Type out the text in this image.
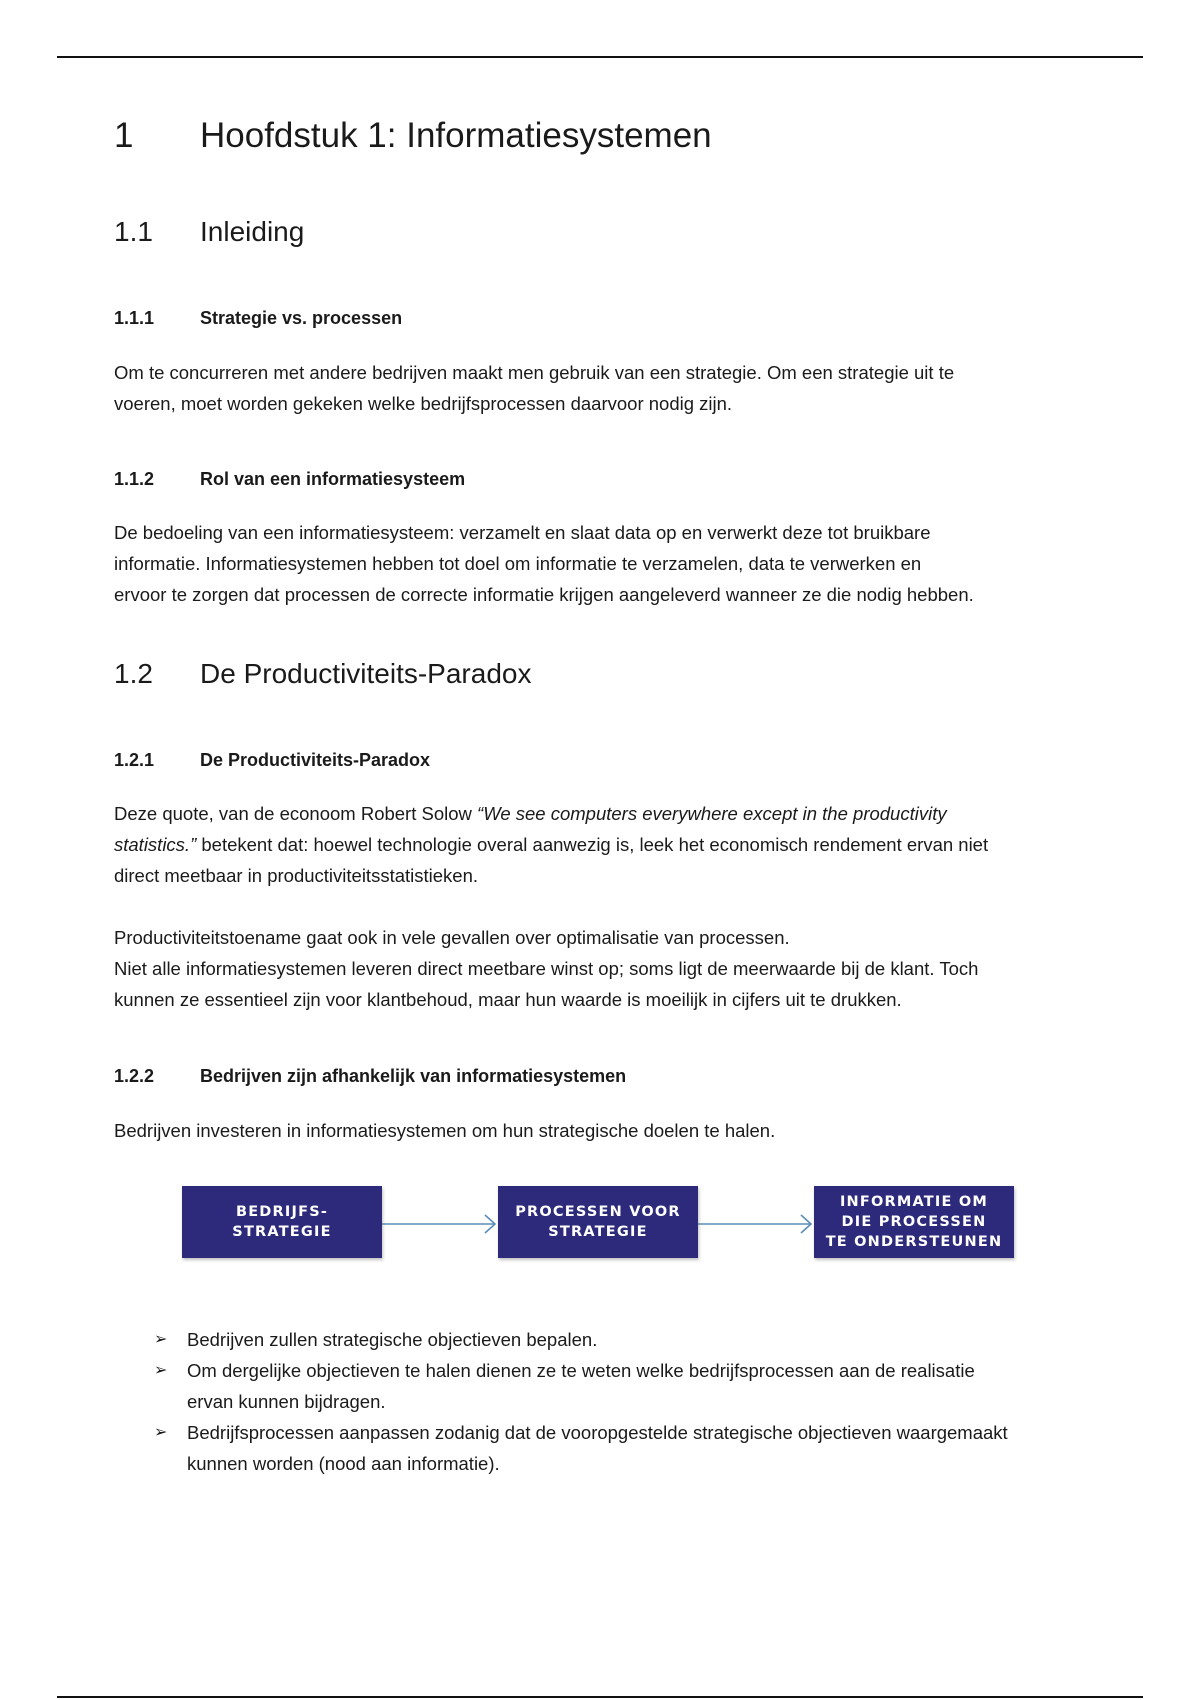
1 Hoofdstuk 1: Informatiesystemen
1.1 Inleiding
1.1.1	Strategie vs. processen

Om te concurreren met andere bedrijven maakt men gebruik van een strategie. Om een strategie uit te

voeren, moet worden gekeken welke bedrijfsprocessen daarvoor nodig zijn.

1.1.2	Rol van een informatiesysteem

De bedoeling van een informatiesysteem: verzamelt en slaat data op en verwerkt deze tot bruikbare

informatie. Informatiesystemen hebben tot doel om informatie te verzamelen, data te verwerken en

ervoor te zorgen dat processen de correcte informatie krijgen aangeleverd wanneer ze die nodig hebben.

1.2 De Productiviteits-Paradox
1.2.1	De Productiviteits-Paradox

Deze quote, van de econoom Robert Solow “We see computers everywhere except in the productivity

statistics.” betekent dat: hoewel technologie overal aanwezig is, leek het economisch rendement ervan niet

direct meetbaar in productiviteitsstatistieken.

Productiviteitstoename gaat ook in vele gevallen over optimalisatie van processen.

Niet alle informatiesystemen leveren direct meetbare winst op; soms ligt de meerwaarde bij de klant. Toch

kunnen ze essentieel zijn voor klantbehoud, maar hun waarde is moeilijk in cijfers uit te drukken.

1.2.2	Bedrijven zijn afhankelijk van informatiesystemen

Bedrijven investeren in informatiesystemen om hun strategische doelen te halen.

➢ Bedrijven zullen strategische objectieven bepalen.
➢ Om dergelijke objectieven te halen dienen ze te weten welke bedrijfsprocessen aan de realisatie
ervan kunnen bijdragen.
➢ Bedrijfsprocessen aanpassen zodanig dat de vooropgestelde strategische objectieven waargemaakt
kunnen worden (nood aan informatie).
BEDRIJFS-
STRATEGIE
PROCESSEN VOOR
STRATEGIE
INFORMATIE OM
DIE PROCESSEN
TE ONDERSTEUNEN
